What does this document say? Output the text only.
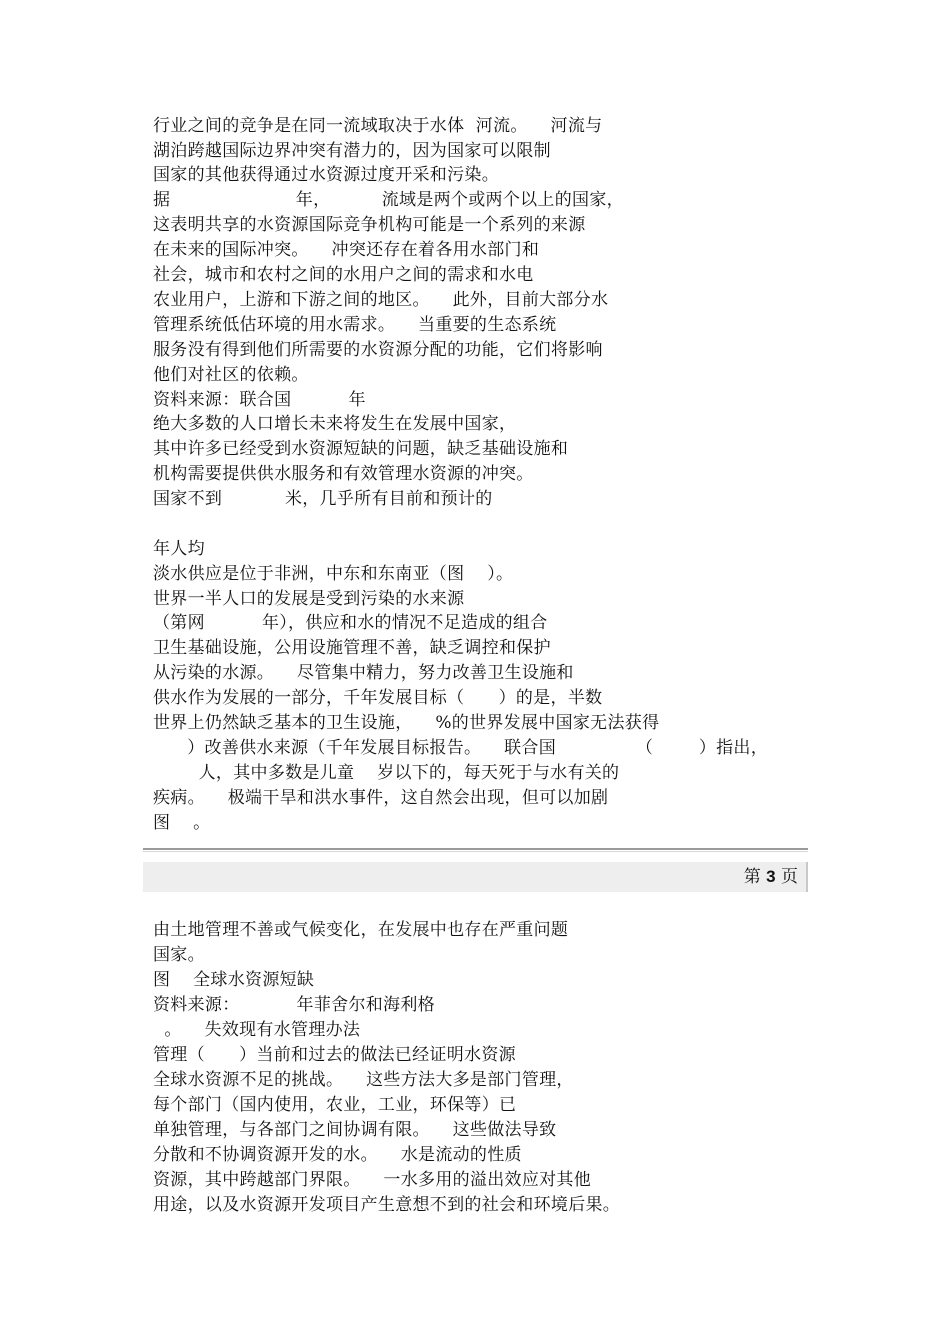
行业之间的竞争是在同一流域取决于水体  河流。    河流与
湖泊跨越国际边界冲突有潜力的，因为国家可以限制
国家的其他获得通过水资源过度开采和污染。
据                      年，         流域是两个或两个以上的国家，
这表明共享的水资源国际竞争机构可能是一个系列的来源
在未来的国际冲突。    冲突还存在着各用水部门和
社会，城市和农村之间的水用户之间的需求和水电
农业用户，上游和下游之间的地区。    此外，目前大部分水
管理系统低估环境的用水需求。    当重要的生态系统
服务没有得到他们所需要的水资源分配的功能，它们将影响
他们对社区的依赖。
资料来源：联合国          年
绝大多数的人口增长未来将发生在发展中国家，
其中许多已经受到水资源短缺的问题，缺乏基础设施和
机构需要提供供水服务和有效管理水资源的冲突。
国家不到           米，几乎所有目前和预计的
年人均
淡水供应是位于非洲，中东和东南亚（图    ）。
世界一半人口的发展是受到污染的水来源
（第网          年），供应和水的情况不足造成的组合
卫生基础设施，公用设施管理不善，缺乏调控和保护
从污染的水源。    尽管集中精力，努力改善卫生设施和
供水作为发展的一部分，千年发展目标（      ）的是，半数
世界上仍然缺乏基本的卫生设施，    %的世界发展中国家无法获得
）改善供水来源（千年发展目标报告。    联合国              （        ）指出，
人，其中多数是儿童    岁以下的，每天死于与水有关的
疾病。    极端干旱和洪水事件，这自然会出现，但可以加剧
图    。
第 3 页
由土地管理不善或气候变化，在发展中也存在严重问题
国家。
图    全球水资源短缺
资料来源：          年菲舍尔和海利格
。    失效现有水管理办法
管理（      ）当前和过去的做法已经证明水资源
全球水资源不足的挑战。    这些方法大多是部门管理，
每个部门（国内使用，农业，工业，环保等）已
单独管理，与各部门之间协调有限。    这些做法导致
分散和不协调资源开发的水。    水是流动的性质
资源，其中跨越部门界限。    一水多用的溢出效应对其他
用途，以及水资源开发项目产生意想不到的社会和环境后果。
